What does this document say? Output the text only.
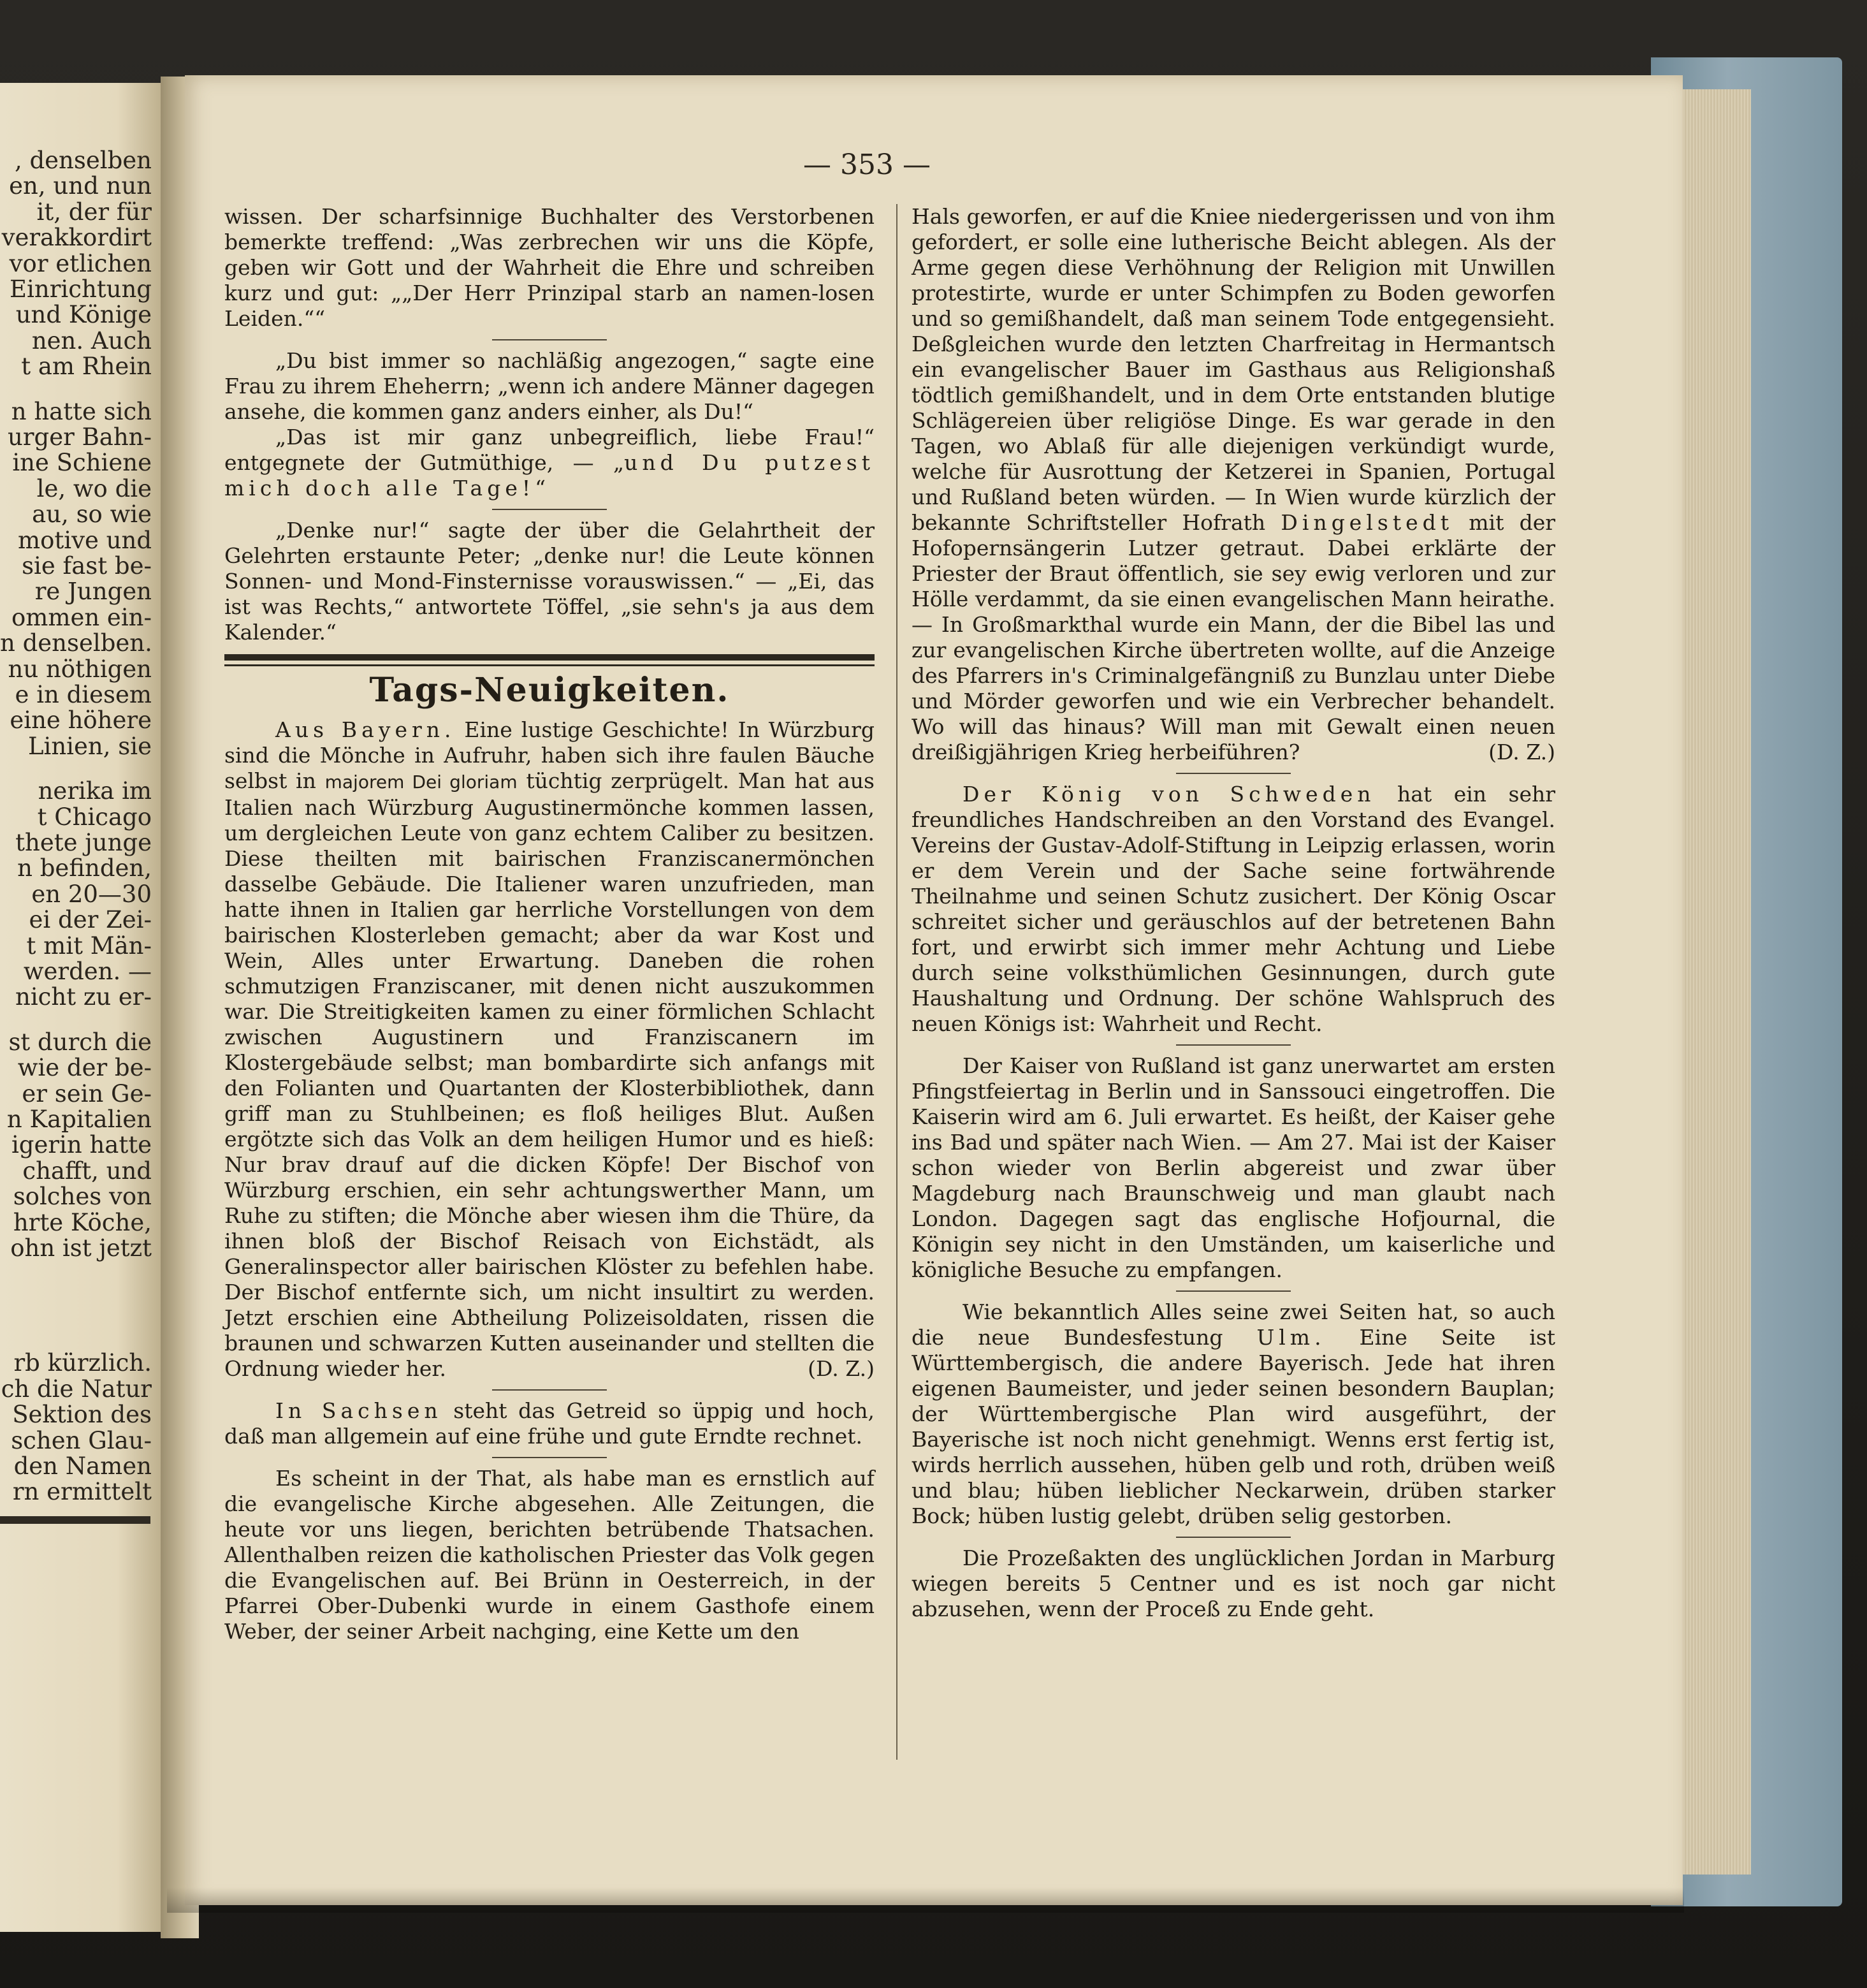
, denselben
en, und nun
it, der für
verakkordirt
vor etlichen
Einrichtung
und Könige
nen. Auch
t am Rhein
n hatte sich
urger Bahn-
ine Schiene
le, wo die
au, so wie
motive und
sie fast be-
re Jungen
ommen ein-
n denselben.
nu nöthigen
e in diesem
eine höhere
Linien, sie
nerika im
t Chicago
thete junge
n befinden,
en 20—30
ei der Zei-
t mit Män-
werden. —
nicht zu er-
st durch die
wie der be-
er sein Ge-
n Kapitalien
igerin hatte
chafft, und
solches von
hrte Köche,
ohn ist jetzt
rb kürzlich.
ch die Natur
Sektion des
schen Glau-
den Namen
rn ermittelt
— 353 —

wissen. Der scharfsinnige Buchhalter des Verstorbenen bemerkte treffend: „Was zerbrechen wir uns die Köpfe, geben wir Gott und der Wahrheit die Ehre und schreiben kurz und gut: „„Der Herr Prinzipal starb an namen-losen Leiden.““

„Du bist immer so nachläßig angezogen,“ sagte eine Frau zu ihrem Eheherrn; „wenn ich andere Männer dagegen ansehe, die kommen ganz anders einher, als Du!“

„Das ist mir ganz unbegreiflich, liebe Frau!“ entgegnete der Gutmüthige, — „und Du putzest mich doch alle Tage!“

„Denke nur!“ sagte der über die Gelahrtheit der Gelehrten erstaunte Peter; „denke nur! die Leute können Sonnen- und Mond-Finsternisse vorauswissen.“ — „Ei, das ist was Rechts,“ antwortete Töffel, „sie sehn's ja aus dem Kalender.“

Tags-Neuigkeiten.

Aus Bayern. Eine lustige Geschichte! In Würzburg sind die Mönche in Aufruhr, haben sich ihre faulen Bäuche selbst in majorem Dei gloriam tüchtig zerprügelt. Man hat aus Italien nach Würzburg Augustinermönche kommen lassen, um dergleichen Leute von ganz echtem Caliber zu besitzen. Diese theilten mit bairischen Franziscanermönchen dasselbe Gebäude. Die Italiener waren unzufrieden, man hatte ihnen in Italien gar herrliche Vorstellungen von dem bairischen Klosterleben gemacht; aber da war Kost und Wein, Alles unter Erwartung. Daneben die rohen schmutzigen Franziscaner, mit denen nicht auszukommen war. Die Streitigkeiten kamen zu einer förmlichen Schlacht zwischen Augustinern und Franziscanern im Klostergebäude selbst; man bombardirte sich anfangs mit den Folianten und Quartanten der Klosterbibliothek, dann griff man zu Stuhlbeinen; es floß heiliges Blut. Außen ergötzte sich das Volk an dem heiligen Humor und es hieß: Nur brav drauf auf die dicken Köpfe! Der Bischof von Würzburg erschien, ein sehr achtungswerther Mann, um Ruhe zu stiften; die Mönche aber wiesen ihm die Thüre, da ihnen bloß der Bischof Reisach von Eichstädt, als Generalinspector aller bairischen Klöster zu befehlen habe. Der Bischof entfernte sich, um nicht insultirt zu werden. Jetzt erschien eine Abtheilung Polizeisoldaten, rissen die braunen und schwarzen Kutten auseinander und stellten die Ordnung wieder her.	(D. Z.)

In Sachsen steht das Getreid so üppig und hoch, daß man allgemein auf eine frühe und gute Erndte rechnet.

Es scheint in der That, als habe man es ernstlich auf die evangelische Kirche abgesehen. Alle Zeitungen, die heute vor uns liegen, berichten betrübende Thatsachen. Allenthalben reizen die katholischen Priester das Volk gegen die Evangelischen auf. Bei Brünn in Oesterreich, in der Pfarrei Ober-Dubenki wurde in einem Gasthofe einem Weber, der seiner Arbeit nachging, eine Kette um den

Hals geworfen, er auf die Kniee niedergerissen und von ihm gefordert, er solle eine lutherische Beicht ablegen. Als der Arme gegen diese Verhöhnung der Religion mit Unwillen protestirte, wurde er unter Schimpfen zu Boden geworfen und so gemißhandelt, daß man seinem Tode entgegensieht. Deßgleichen wurde den letzten Charfreitag in Hermantsch ein evangelischer Bauer im Gasthaus aus Religionshaß tödtlich gemißhandelt, und in dem Orte entstanden blutige Schlägereien über religiöse Dinge. Es war gerade in den Tagen, wo Ablaß für alle diejenigen verkündigt wurde, welche für Ausrottung der Ketzerei in Spanien, Portugal und Rußland beten würden. — In Wien wurde kürzlich der bekannte Schriftsteller Hofrath Dingelstedt mit der Hofopernsängerin Lutzer getraut. Dabei erklärte der Priester der Braut öffentlich, sie sey ewig verloren und zur Hölle verdammt, da sie einen evangelischen Mann heirathe. — In Großmarkthal wurde ein Mann, der die Bibel las und zur evangelischen Kirche übertreten wollte, auf die Anzeige des Pfarrers in's Criminalgefängniß zu Bunzlau unter Diebe und Mörder geworfen und wie ein Verbrecher behandelt. Wo will das hinaus? Will man mit Gewalt einen neuen dreißigjährigen Krieg herbeiführen?	(D. Z.)

Der König von Schweden hat ein sehr freundliches Handschreiben an den Vorstand des Evangel. Vereins der Gustav-Adolf-Stiftung in Leipzig erlassen, worin er dem Verein und der Sache seine fortwährende Theilnahme und seinen Schutz zusichert. Der König Oscar schreitet sicher und geräuschlos auf der betretenen Bahn fort, und erwirbt sich immer mehr Achtung und Liebe durch seine volksthümlichen Gesinnungen, durch gute Haushaltung und Ordnung. Der schöne Wahlspruch des neuen Königs ist: Wahrheit und Recht.

Der Kaiser von Rußland ist ganz unerwartet am ersten Pfingstfeiertag in Berlin und in Sanssouci eingetroffen. Die Kaiserin wird am 6. Juli erwartet. Es heißt, der Kaiser gehe ins Bad und später nach Wien. — Am 27. Mai ist der Kaiser schon wieder von Berlin abgereist und zwar über Magdeburg nach Braunschweig und man glaubt nach London. Dagegen sagt das englische Hofjournal, die Königin sey nicht in den Umständen, um kaiserliche und königliche Besuche zu empfangen.

Wie bekanntlich Alles seine zwei Seiten hat, so auch die neue Bundesfestung Ulm. Eine Seite ist Württembergisch, die andere Bayerisch. Jede hat ihren eigenen Baumeister, und jeder seinen besondern Bauplan; der Württembergische Plan wird ausgeführt, der Bayerische ist noch nicht genehmigt. Wenns erst fertig ist, wirds herrlich aussehen, hüben gelb und roth, drüben weiß und blau; hüben lieblicher Neckarwein, drüben starker Bock; hüben lustig gelebt, drüben selig gestorben.

Die Prozeßakten des unglücklichen Jordan in Marburg wiegen bereits 5 Centner und es ist noch gar nicht abzusehen, wenn der Proceß zu Ende geht.
